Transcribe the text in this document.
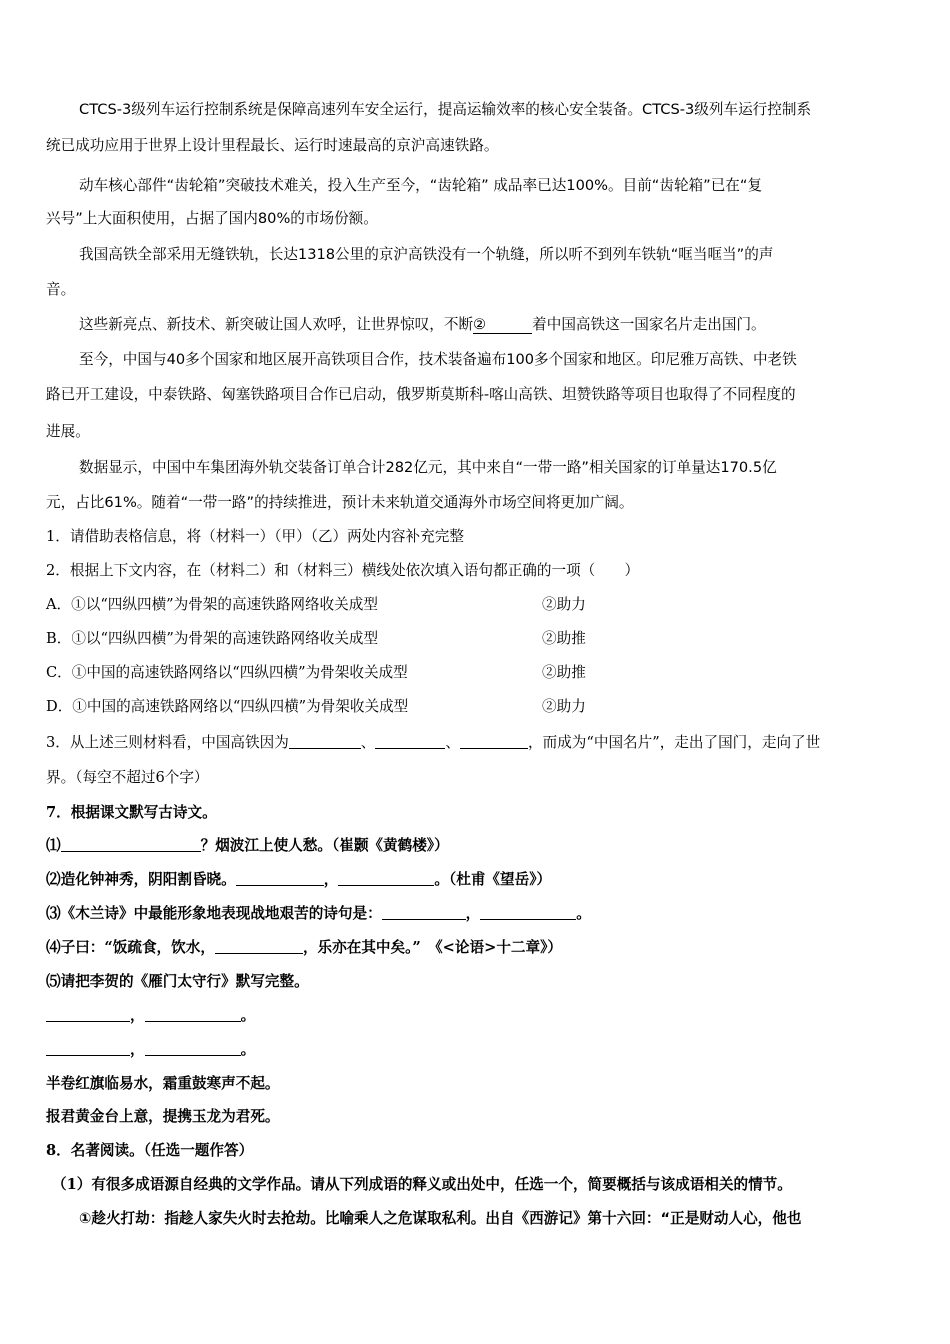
CTCS-3级列车运行控制系统是保障高速列车安全运行，提高运输效率的核心安全装备。CTCS-3级列车运行控制系
统已成功应用于世界上设计里程最长、运行时速最高的京沪高速铁路。
动车核心部件“齿轮箱”突破技术难关，投入生产至今，“齿轮箱” 成品率已达100%。目前“齿轮箱”已在“复
兴号”上大面积使用，占据了国内80%的市场份额。
我国高铁全部采用无缝铁轨，长达1318公里的京沪高铁没有一个轨缝，所以听不到列车铁轨“哐当哐当”的声
音。
这些新亮点、新技术、新突破让国人欢呼，让世界惊叹，不断②	着中国高铁这一国家名片走出国门。
至今，中国与40多个国家和地区展开高铁项目合作，技术装备遍布100多个国家和地区。印尼雅万高铁、中老铁
路已开工建设，中泰铁路、匈塞铁路项目合作已启动，俄罗斯莫斯科-喀山高铁、坦赞铁路等项目也取得了不同程度的
进展。
数据显示，中国中车集团海外轨交装备订单合计282亿元，其中来自“一带一路”相关国家的订单量达170.5亿
元，占比61%。随着“一带一路”的持续推进，预计未来轨道交通海外市场空间将更加广阔。
1．请借助表格信息，将（材料一）（甲）（乙）两处内容补充完整
2．根据上下文内容，在（材料二）和（材料三）横线处依次填入语句都正确的一项（　　）
A．①以“四纵四横”为骨架的高速铁路网络收关成型	②助力
B．①以“四纵四横”为骨架的高速铁路网络收关成型	②助推
C．①中国的高速铁路网络以“四纵四横”为骨架收关成型	②助推
D．①中国的高速铁路网络以“四纵四横”为骨架收关成型	②助力
3．从上述三则材料看，中国高铁因为	、	、	，而成为“中国名片”，走出了国门，走向了世
界。（每空不超过6个字）
7．根据课文默写古诗文。
⑴	？烟波江上使人愁。（崔颢《黄鹤楼》）
⑵造化钟神秀，阴阳割昏晓。	，	。（杜甫《望岳》）
⑶《木兰诗》中最能形象地表现战地艰苦的诗句是：	，	。
⑷子曰：“饭疏食，饮水，	，乐亦在其中矣。”　《<论语>十二章》）
⑸请把李贺的《雁门太守行》默写完整。
，	。
，	。
半卷红旗临易水，霜重鼓寒声不起。
报君黄金台上意，提携玉龙为君死。
8．名著阅读。（任选一题作答）
（1）有很多成语源自经典的文学作品。请从下列成语的释义或出处中，任选一个，简要概括与该成语相关的情节。
①趁火打劫：指趁人家失火时去抢劫。比喻乘人之危谋取私利。出自《西游记》第十六回：“正是财动人心，他也
